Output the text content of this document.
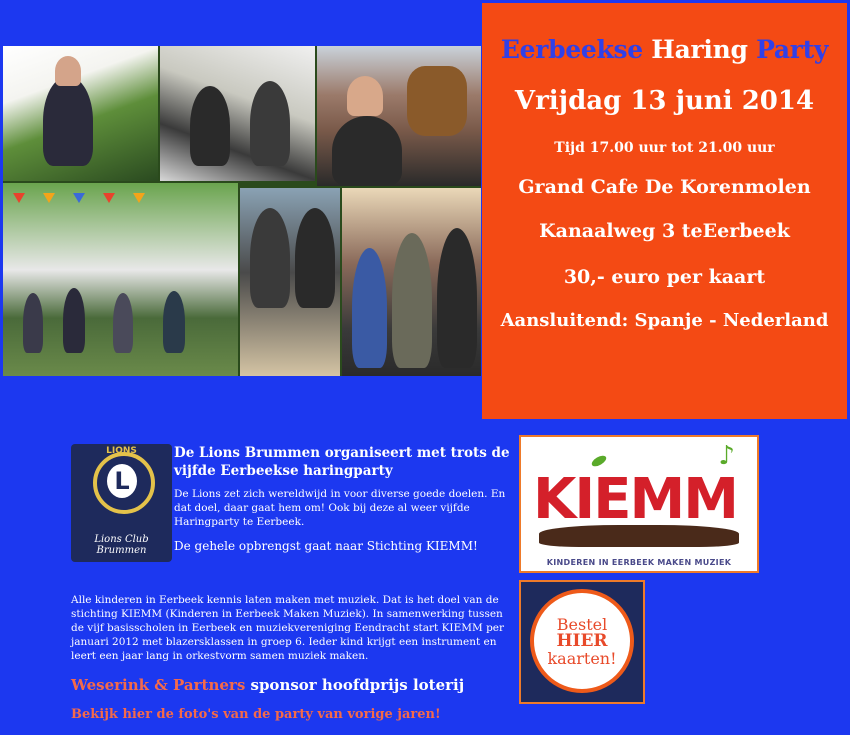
Eerbeekse Haring Party
Vrijdag 13 juni 2014
Tijd 17.00 uur tot 21.00 uur
Grand Cafe De Korenmolen
Kanaalweg 3 teEerbeek
30,- euro per kaart
Aansluitend: Spanje - Nederland
L
LIONS
Lions Club Brummen
De Lions Brummen organiseert met trots de vijfde Eerbeekse haringparty
De Lions zet zich wereldwijd in voor diverse goede doelen. En dat doel, daar gaat hem om! Ook bij deze al weer vijfde Haringparty te Eerbeek.
De gehele opbrengst gaat naar Stichting KIEMM!
♪
KIEMM
KINDEREN IN EERBEEK MAKEN MUZIEK
Bestel
HIER
kaarten!
Alle kinderen in Eerbeek kennis laten maken met muziek. Dat is het doel van de stichting KIEMM (Kinderen in Eerbeek Maken Muziek). In samenwerking tussen de vijf basisscholen in Eerbeek en muziekvereniging Eendracht start KIEMM per januari 2012 met blazersklassen in groep 6. Ieder kind krijgt een instrument en leert een jaar lang in orkestvorm samen muziek maken.
Weserink & Partners sponsor hoofdprijs loterij
Bekijk hier de foto's van de party van vorige jaren!
